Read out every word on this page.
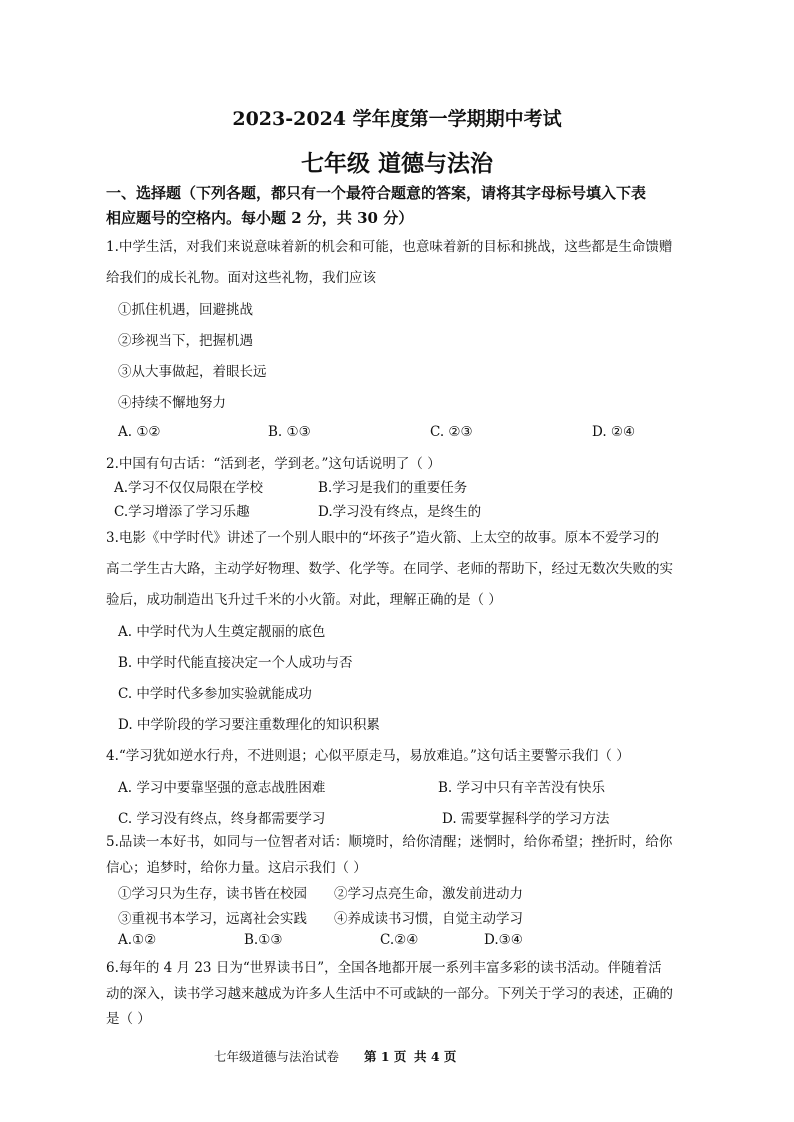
2023-2024 学年度第一学期期中考试
七年级 道德与法治
一、选择题（下列各题，都只有一个最符合题意的答案，请将其字母标号填入下表
相应题号的空格内。每小题 2 分，共 30 分）
1.中学生活，对我们来说意味着新的机会和可能，也意味着新的目标和挑战，这些都是生命馈赠
给我们的成长礼物。面对这些礼物，我们应该
①抓住机遇，回避挑战
②珍视当下，把握机遇
③从大事做起，着眼长远
④持续不懈地努力
A. ①②	B. ①③	C. ②③	D. ②④
2.中国有句古话：“活到老，学到老。”这句话说明了（ ）
A.学习不仅仅局限在学校	B.学习是我们的重要任务
C.学习增添了学习乐趣	D.学习没有终点，是终生的
3.电影《中学时代》讲述了一个别人眼中的“坏孩子”造火箭、上太空的故事。原本不爱学习的
高二学生古大路，主动学好物理、数学、化学等。在同学、老师的帮助下，经过无数次失败的实
验后，成功制造出飞升过千米的小火箭。对此，理解正确的是（ ）
A. 中学时代为人生奠定靓丽的底色
B. 中学时代能直接决定一个人成功与否
C. 中学时代多参加实验就能成功
D. 中学阶段的学习要注重数理化的知识积累
4.“学习犹如逆水行舟，不进则退；心似平原走马，易放难追。”这句话主要警示我们（ ）
A. 学习中要靠坚强的意志战胜困难	B. 学习中只有辛苦没有快乐
C. 学习没有终点，终身都需要学习	D. 需要掌握科学的学习方法
5.品读一本好书，如同与一位智者对话：顺境时，给你清醒；迷惘时，给你希望；挫折时，给你
信心；追梦时，给你力量。这启示我们（ ）
①学习只为生存，读书皆在校园 ②学习点亮生命，激发前进动力
③重视书本学习，远离社会实践 ④养成读书习惯，自觉主动学习
A.①②	B.①③	C.②④	D.③④
6.每年的 4 月 23 日为“世界读书日”，全国各地都开展一系列丰富多彩的读书活动。伴随着活
动的深入，读书学习越来越成为许多人生活中不可或缺的一部分。下列关于学习的表述，正确的
是（ ）
七年级道德与法治试卷 第 1 页 共 4 页
